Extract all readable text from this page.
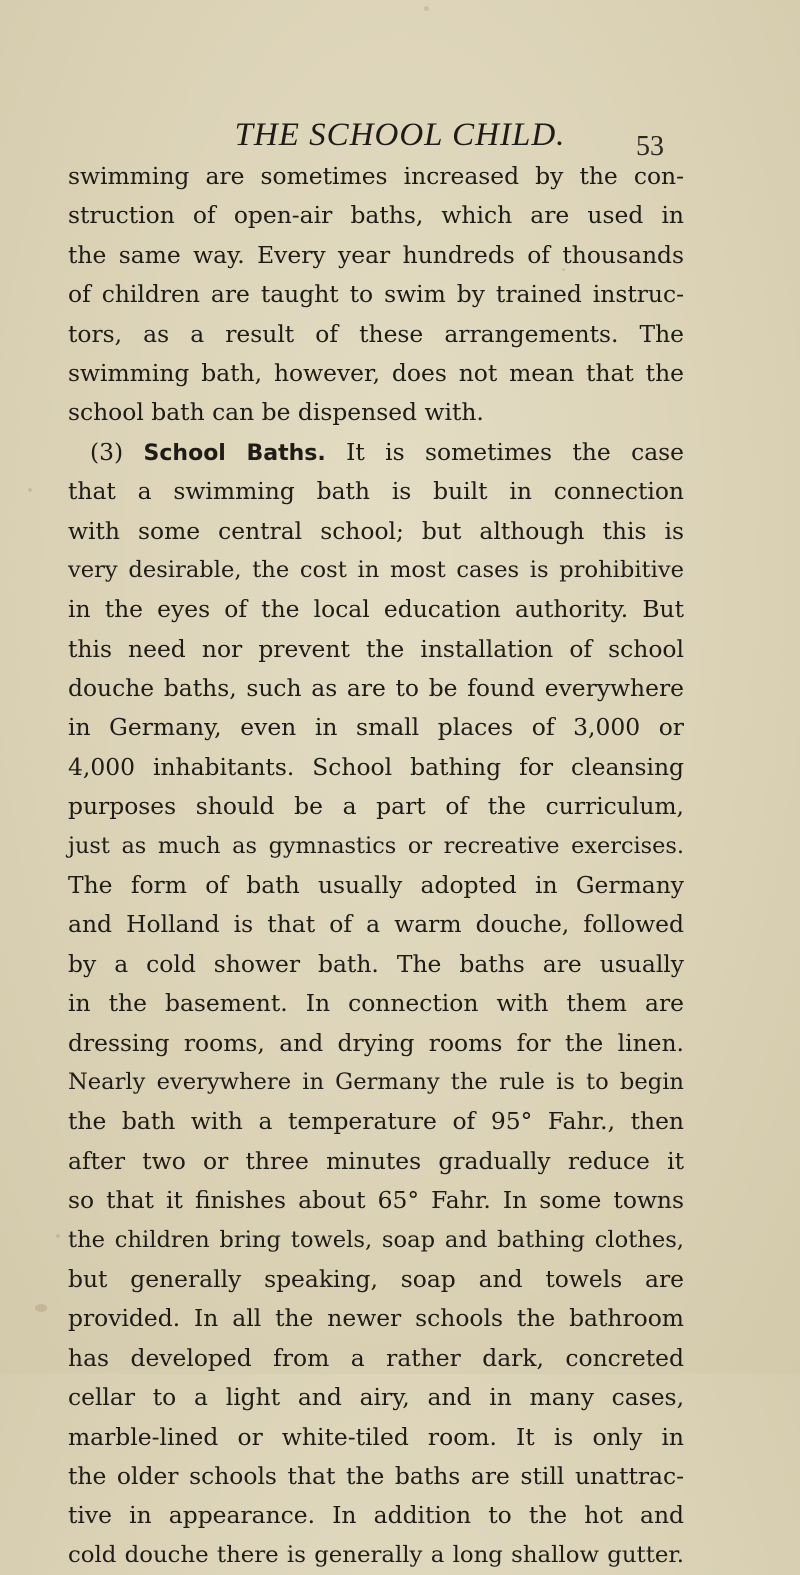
THE SCHOOL CHILD.	53
swimming are sometimes increased by the con-
struction of open-air baths, which are used in
the same way. Every year hundreds of thousands
of children are taught to swim by trained instruc-
tors, as a result of these arrangements. The
swimming bath, however, does not mean that the
school bath can be dispensed with.
(3) School Baths. It is sometimes the case
that a swimming bath is built in connection
with some central school; but although this is
very desirable, the cost in most cases is prohibitive
in the eyes of the local education authority. But
this need nor prevent the installation of school
douche baths, such as are to be found everywhere
in Germany, even in small places of 3,000 or
4,000 inhabitants. School bathing for cleansing
purposes should be a part of the curriculum,
just as much as gymnastics or recreative exercises.
The form of bath usually adopted in Germany
and Holland is that of a warm douche, followed
by a cold shower bath. The baths are usually
in the basement. In connection with them are
dressing rooms, and drying rooms for the linen.
Nearly everywhere in Germany the rule is to begin
the bath with a temperature of 95° Fahr., then
after two or three minutes gradually reduce it
so that it finishes about 65° Fahr. In some towns
the children bring towels, soap and bathing clothes,
but generally speaking, soap and towels are
provided. In all the newer schools the bathroom
has developed from a rather dark, concreted
cellar to a light and airy, and in many cases,
marble-lined or white-tiled room. It is only in
the older schools that the baths are still unattrac-
tive in appearance. In addition to the hot and
cold douche there is generally a long shallow gutter.
